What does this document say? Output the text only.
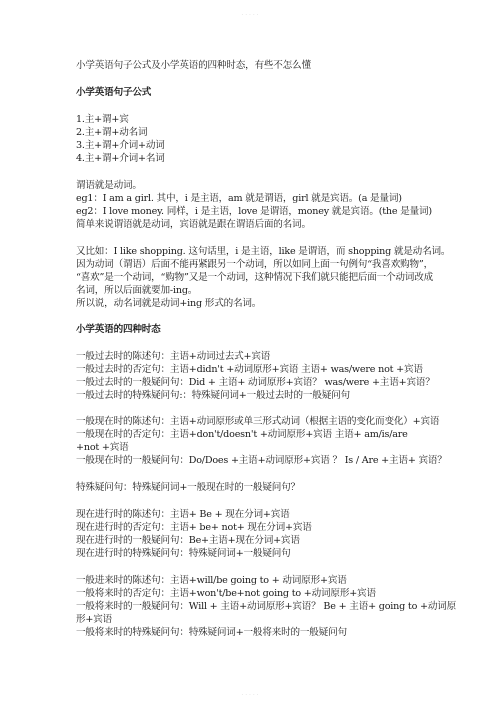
· · · · ·

小学英语句子公式及小学英语的四种时态，有些不怎么懂

小学英语句子公式

1.主+谓+宾

2.主+谓+动名词

3.主+谓+介词+动词

4.主+谓+介词+名词

谓语就是动词。

eg1：I am a girl. 其中，i 是主语，am 就是谓语，girl 就是宾语。(a 是量词)

eg2：I love money. 同样，i 是主语，love 是谓语，money 就是宾语。(the 是量词)

简单来说谓语就是动词，宾语就是跟在谓语后面的名词。

又比如：I like shopping. 这句话里，i 是主语，like 是谓语，而 shopping 就是动名词。

因为动词（谓语）后面不能再紧跟另一个动词，所以如同上面一句例句“我喜欢购物”，

“喜欢”是一个动词，“购物”又是一个动词，这种情况下我们就只能把后面一个动词改成

名词，所以后面就要加-ing。

所以说，动名词就是动词+ing 形式的名词。

小学英语的四种时态

一般过去时的陈述句：主语+动词过去式+宾语

一般过去时的否定句：主语+didn't +动词原形+宾语 主语+ was/were not +宾语

一般过去时的一般疑问句：Did + 主语+ 动词原形+宾语？ was/were +主语+宾语？

一般过去时的特殊疑问句:：特殊疑问词+一般过去时的一般疑问句

一般现在时的陈述句：主语+动词原形或单三形式动词（根据主语的变化而变化）+宾语

一般现在时的否定句：主语+don't/doesn't +动词原形+宾语 主语+ am/is/are

+not +宾语

一般现在时的一般疑问句：Do/Does +主语+动词原形+宾语 ？ Is / Are +主语+ 宾语？

特殊疑问句：特殊疑问词+一般现在时的一般疑问句？

现在进行时的陈述句：主语+ Be + 现在分词+宾语

现在进行时的否定句：主语+ be+ not+ 现在分词+宾语

现在进行时的一般疑问句：Be+主语+现在分词+宾语

现在进行时的特殊疑问句：特殊疑问词+一般疑问句

一般进来时的陈述句：主语+will/be going to + 动词原形+宾语

一般将来时的否定句：主语+won't/be+not going to +动词原形+宾语

一般将来时的一般疑问句：Will + 主语+动词原形+宾语？ Be + 主语+ going to +动词原

形+宾语

一般将来时的特殊疑问句：特殊疑问词+一般将来时的一般疑问句

· · · · ·
